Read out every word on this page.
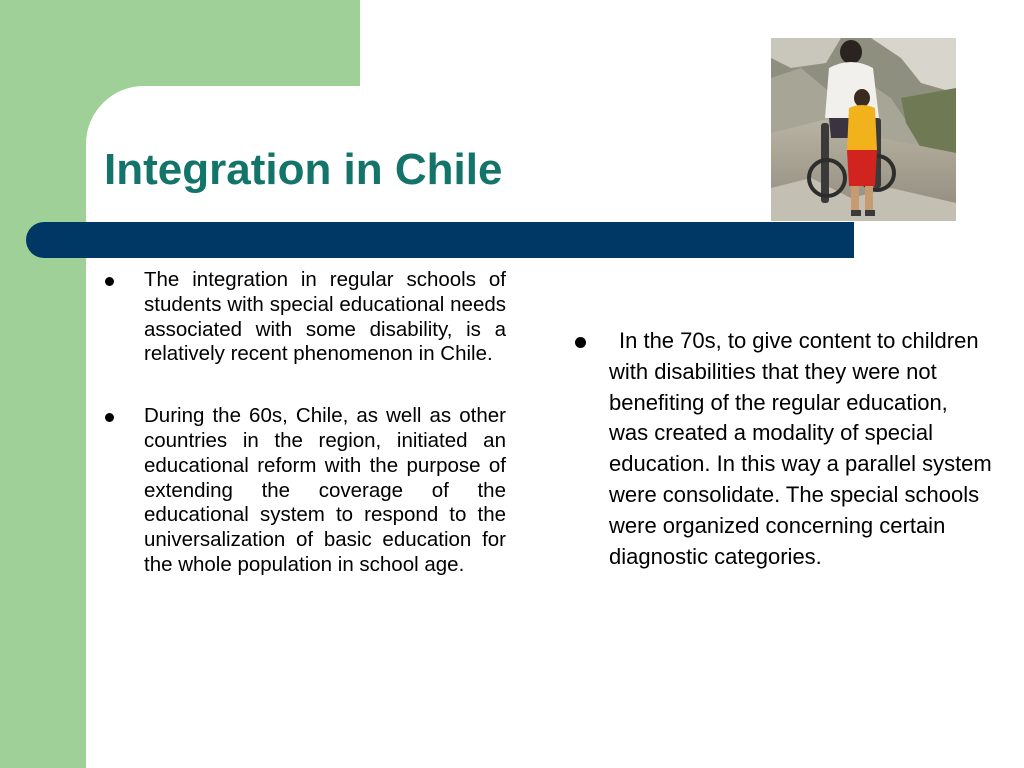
Integration in Chile
The integration in regular schools of students with special educational needs associated with some disability, is a relatively recent phenomenon in Chile.
During the 60s, Chile, as well as other countries in the region, initiated an educational reform with the purpose of extending the coverage of the educational system to respond to the universalization of basic education for the whole population in school age.
In the 70s, to give content to children with disabilities that they were not benefiting of the regular education, was created a modality of special education. In this way a parallel system were consolidate. The special schools were organized concerning certain diagnostic categories.
